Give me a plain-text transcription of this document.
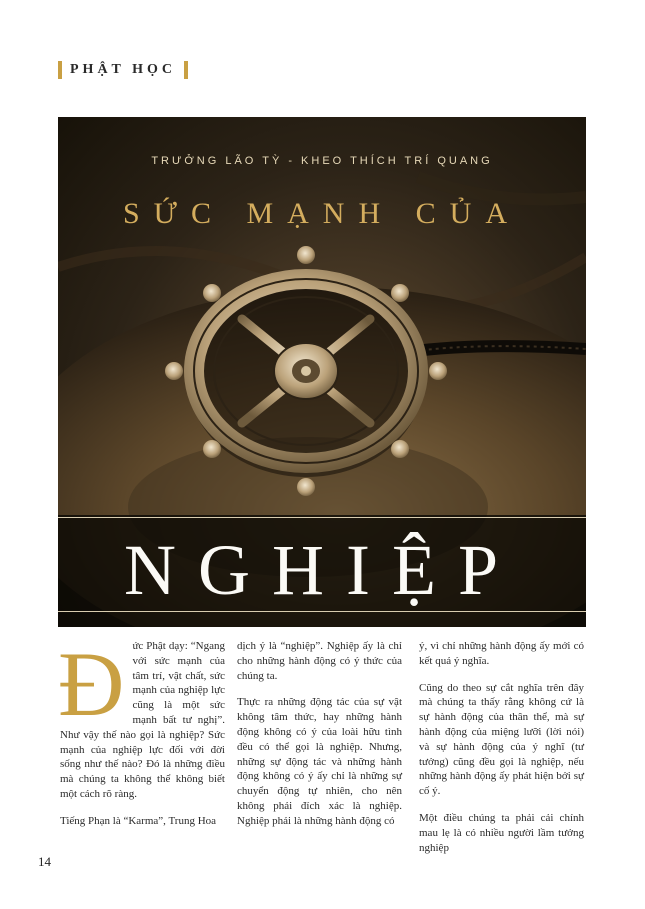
PHẬT HỌC
TRƯỞNG LÃO TỲ - KHEO THÍCH TRÍ QUANG
SỨC MẠNH CỦA
NGHIỆP

Đức Phật dạy: “Ngang với sức mạnh của tâm trí, vật chất, sức mạnh của nghiệp lực cũng là một sức mạnh bất tư nghị”. Như vậy thế nào gọi là nghiệp? Sức mạnh của nghiệp lực đối với đời sống như thế nào? Đó là những điều mà chúng ta không thể không biết một cách rõ ràng.

Tiếng Phạn là “Karma”, Trung Hoa

dịch ý là “nghiệp”. Nghiệp ấy là chỉ cho những hành động có ý thức của chúng ta.

Thực ra những động tác của sự vật không tâm thức, hay những hành động không có ý của loài hữu tình đều có thể gọi là nghiệp. Nhưng, những sự động tác và những hành động không có ý ấy chỉ là những sự chuyển động tự nhiên, cho nên không phải đích xác là nghiệp. Nghiệp phải là những hành động có

ý, vì chỉ những hành động ấy mới có kết quả ý nghĩa.

Cũng do theo sự cắt nghĩa trên đây mà chúng ta thấy rằng không cứ là sự hành động của thân thể, mà sự hành động của miệng lưỡi (lời nói) và sự hành động của ý nghĩ (tư tưởng) cũng đều gọi là nghiệp, nếu những hành động ấy phát hiện bởi sự cố ý.

Một điều chúng ta phải cải chính mau lẹ là có nhiều người lầm tưởng nghiệp

14
